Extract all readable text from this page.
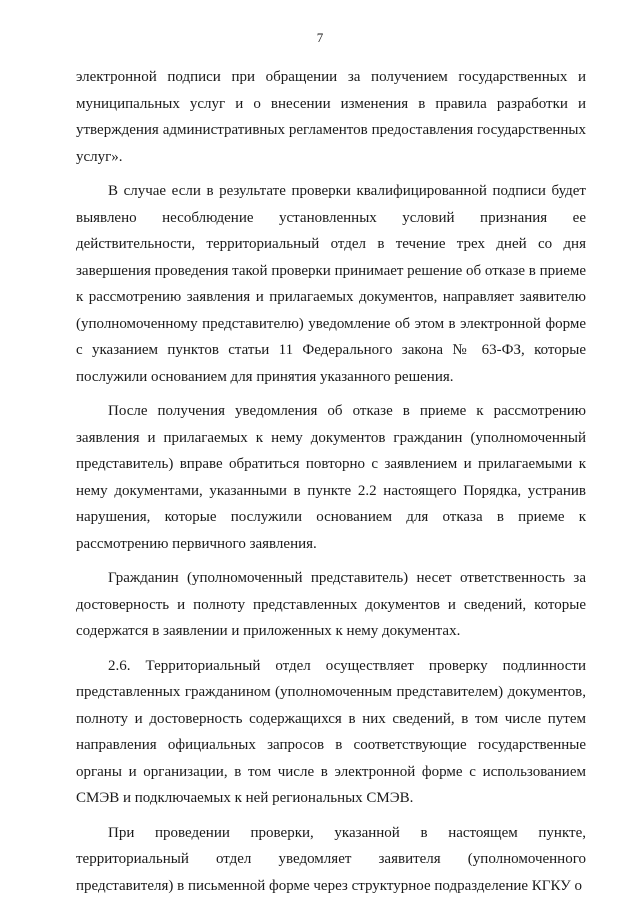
7

электронной подписи при обращении за получением государственных и муниципальных услуг и о внесении изменения в правила разработки и утверждения административных регламентов предоставления государственных услуг».

В случае если в результате проверки квалифицированной подписи будет выявлено несоблюдение установленных условий признания ее действительности, территориальный отдел в течение трех дней со дня завершения проведения такой проверки принимает решение об отказе в приеме к рассмотрению заявления и прилагаемых документов, направляет заявителю (уполномоченному представителю) уведомление об этом в электронной форме с указанием пунктов статьи 11 Федерального закона № 63-ФЗ, которые послужили основанием для принятия указанного решения.

После получения уведомления об отказе в приеме к рассмотрению заявления и прилагаемых к нему документов гражданин (уполномоченный представитель) вправе обратиться повторно с заявлением и прилагаемыми к нему документами, указанными в пункте 2.2 настоящего Порядка, устранив нарушения, которые послужили основанием для отказа в приеме к рассмотрению первичного заявления.

Гражданин (уполномоченный представитель) несет ответственность за достоверность и полноту представленных документов и сведений, которые содержатся в заявлении и приложенных к нему документах.

2.6. Территориальный отдел осуществляет проверку подлинности представленных гражданином (уполномоченным представителем) документов, полноту и достоверность содержащихся в них сведений, в том числе путем направления официальных запросов в соответствующие государственные органы и организации, в том числе в электронной форме с использованием СМЭВ и подключаемых к ней региональных СМЭВ.

При проведении проверки, указанной в настоящем пункте, территориальный отдел уведомляет заявителя (уполномоченного представителя) в письменной форме через структурное подразделение КГКУ о
